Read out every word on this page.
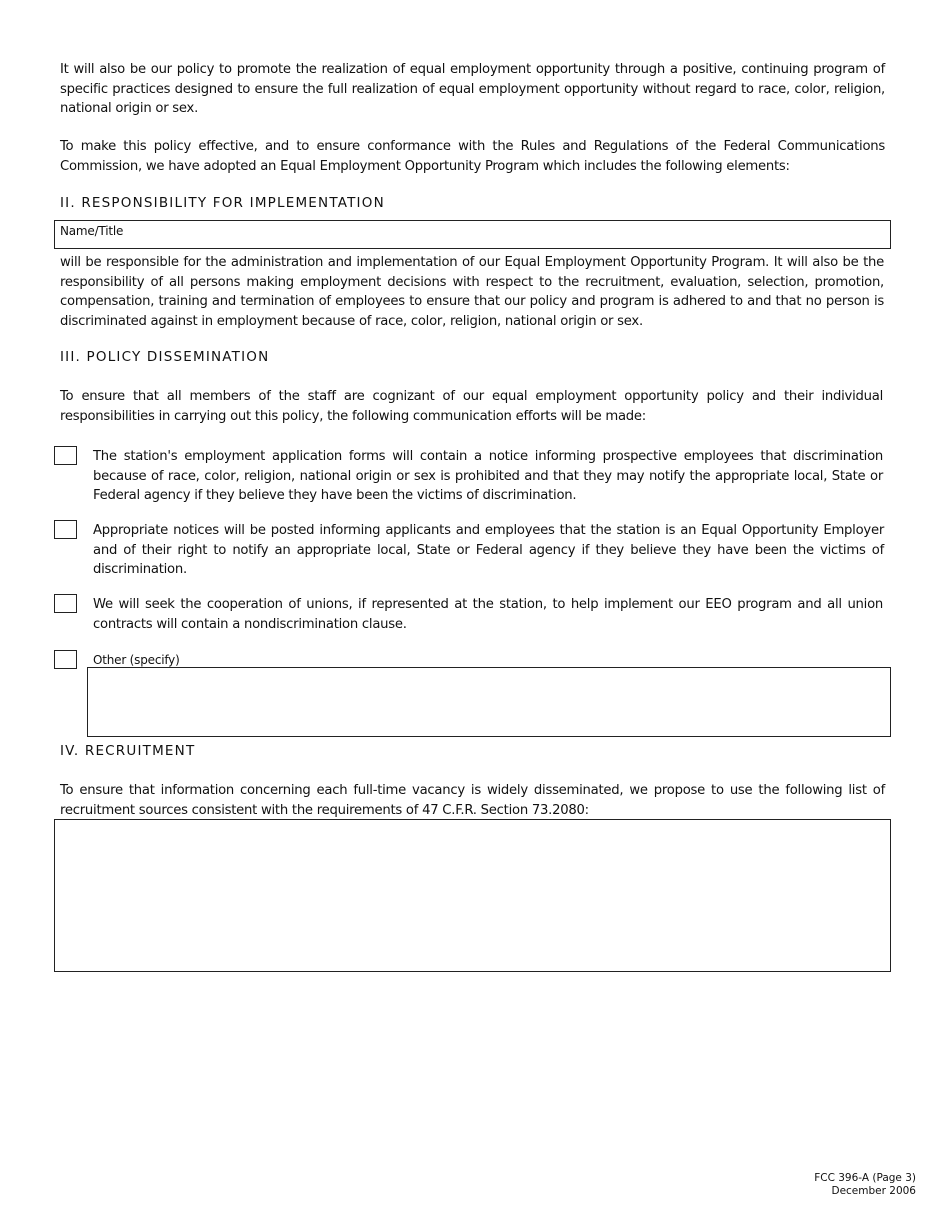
It will also be our policy to promote the realization of equal employment opportunity through a positive, continuing program of specific practices designed to ensure the full realization of equal employment opportunity without regard to race, color, religion, national origin or sex.
To make this policy effective, and to ensure conformance with the Rules and Regulations of the Federal Communications Commission, we have adopted an Equal Employment Opportunity Program which includes the following elements:
II. RESPONSIBILITY FOR IMPLEMENTATION
Name/Title
will be responsible for the administration and implementation of our Equal Employment Opportunity Program. It will also be the responsibility of all persons making employment decisions with respect to the recruitment, evaluation, selection, promotion, compensation, training and termination of employees to ensure that our policy and program is adhered to and that no person is discriminated against in employment because of race, color, religion, national origin or sex.
III. POLICY DISSEMINATION
To ensure that all members of the staff are cognizant of our equal employment opportunity policy and their individual responsibilities in carrying out this policy, the following communication efforts will be made:
The station's employment application forms will contain a notice informing prospective employees that discrimination because of race, color, religion, national origin or sex is prohibited and that they may notify the appropriate local, State or Federal agency if they believe they have been the victims of discrimination.
Appropriate notices will be posted informing applicants and employees that the station is an Equal Opportunity Employer and of their right to notify an appropriate local, State or Federal agency if they believe they have been the victims of discrimination.
We will seek the cooperation of unions, if represented at the station, to help implement our EEO program and all union contracts will contain a nondiscrimination clause.
Other (specify)
IV. RECRUITMENT
To ensure that information concerning each full-time vacancy is widely disseminated, we propose to use the following list of recruitment sources consistent with the requirements of 47 C.F.R. Section 73.2080:
FCC 396-A (Page 3)
December 2006
